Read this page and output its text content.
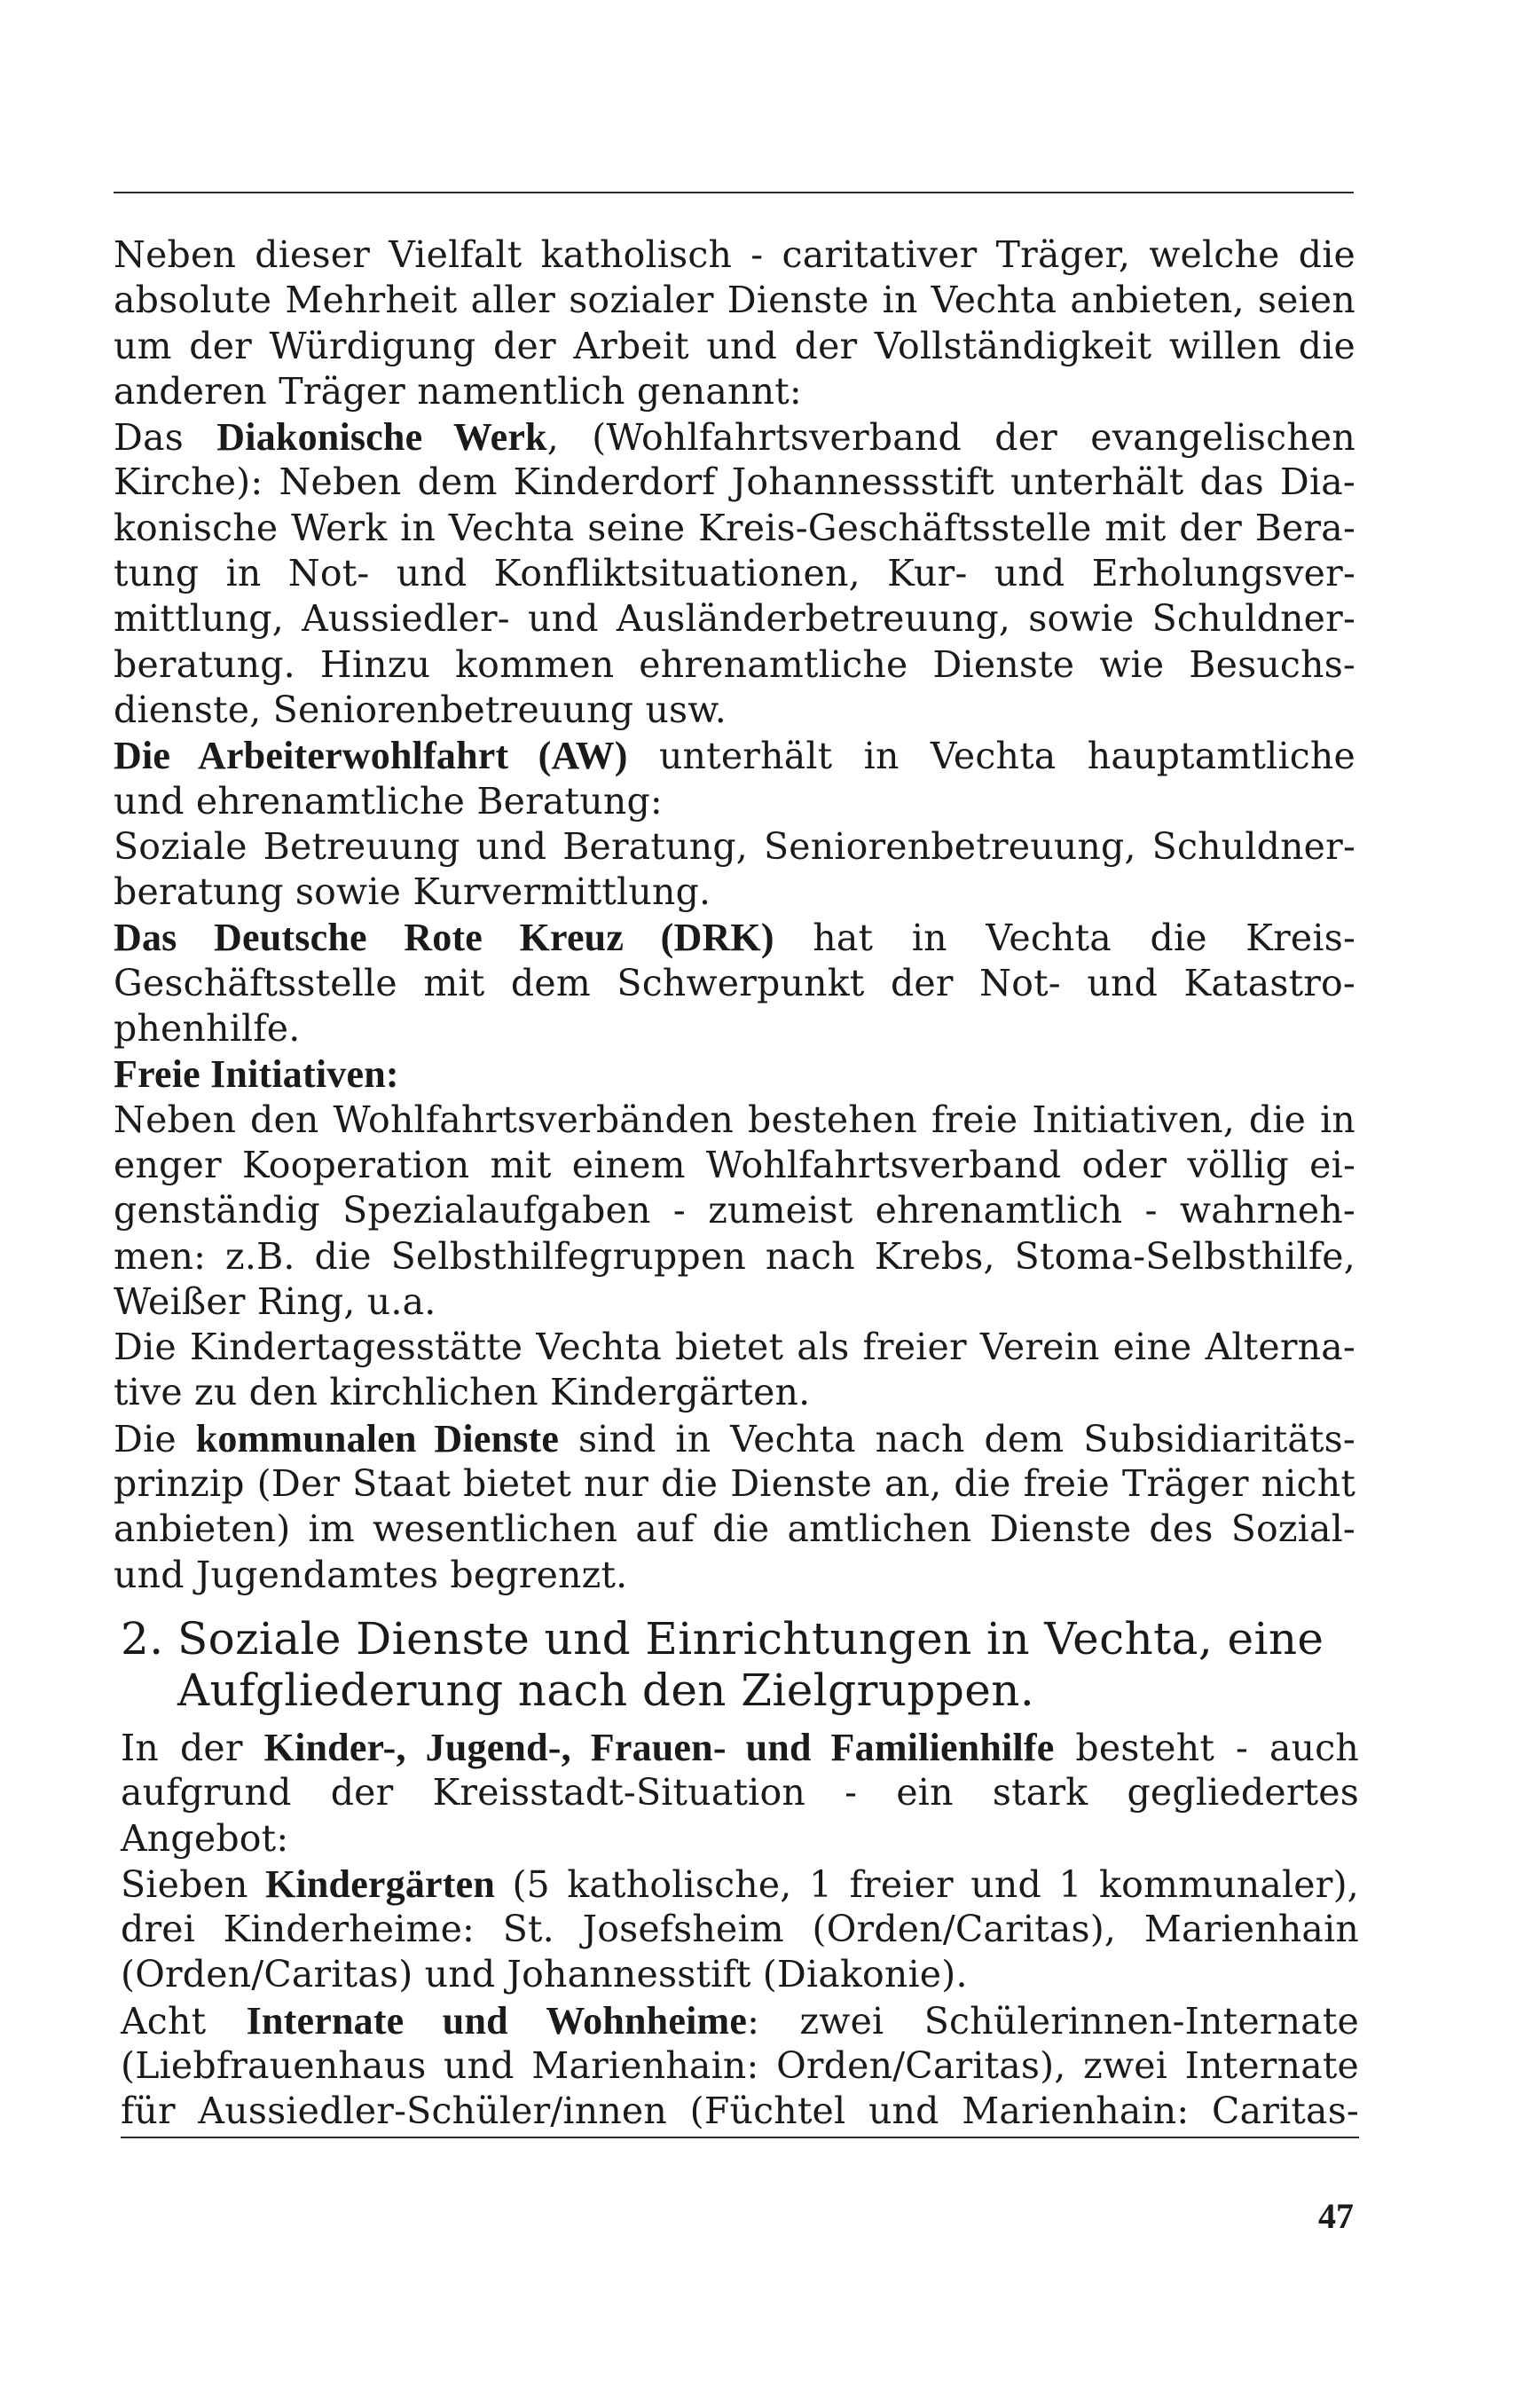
Neben dieser Vielfalt katholisch - caritativer Träger, welche die
absolute Mehrheit aller sozialer Dienste in Vechta anbieten, seien
um der Würdigung der Arbeit und der Vollständigkeit willen die
anderen Träger namentlich genannt:
Das Diakonische Werk, (Wohlfahrtsverband der evangelischen
Kirche): Neben dem Kinderdorf Johannessstift unterhält das Dia-
konische Werk in Vechta seine Kreis-Geschäftsstelle mit der Bera-
tung in Not- und Konfliktsituationen, Kur- und Erholungsver-
mittlung, Aussiedler- und Ausländerbetreuung, sowie Schuldner-
beratung. Hinzu kommen ehrenamtliche Dienste wie Besuchs-
dienste, Seniorenbetreuung usw.
Die Arbeiterwohlfahrt (AW) unterhält in Vechta hauptamtliche
und ehrenamtliche Beratung:
Soziale Betreuung und Beratung, Seniorenbetreuung, Schuldner-
beratung sowie Kurvermittlung.
Das Deutsche Rote Kreuz (DRK) hat in Vechta die Kreis-
Geschäftsstelle mit dem Schwerpunkt der Not- und Katastro-
phenhilfe.
Freie Initiativen:
Neben den Wohlfahrtsverbänden bestehen freie Initiativen, die in
enger Kooperation mit einem Wohlfahrtsverband oder völlig ei-
genständig Spezialaufgaben - zumeist ehrenamtlich - wahrneh-
men: z.B. die Selbsthilfegruppen nach Krebs, Stoma-Selbsthilfe,
Weißer Ring, u.a.
Die Kindertagesstätte Vechta bietet als freier Verein eine Alterna-
tive zu den kirchlichen Kindergärten.
Die kommunalen Dienste sind in Vechta nach dem Subsidiaritäts-
prinzip (Der Staat bietet nur die Dienste an, die freie Träger nicht
anbieten) im wesentlichen auf die amtlichen Dienste des Sozial-
und Jugendamtes begrenzt.
2. Soziale Dienste und Einrichtungen in Vechta, eine
Aufgliederung nach den Zielgruppen.
In der Kinder-, Jugend-, Frauen- und Familienhilfe besteht - auch
aufgrund der Kreisstadt-Situation - ein stark gegliedertes
Angebot:
Sieben Kindergärten (5 katholische, 1 freier und 1 kommunaler),
drei Kinderheime: St. Josefsheim (Orden/Caritas), Marienhain
(Orden/Caritas) und Johannesstift (Diakonie).
Acht Internate und Wohnheime: zwei Schülerinnen-Internate
(Liebfrauenhaus und Marienhain: Orden/Caritas), zwei Internate
für Aussiedler-Schüler/innen (Füchtel und Marienhain: Caritas-
47
